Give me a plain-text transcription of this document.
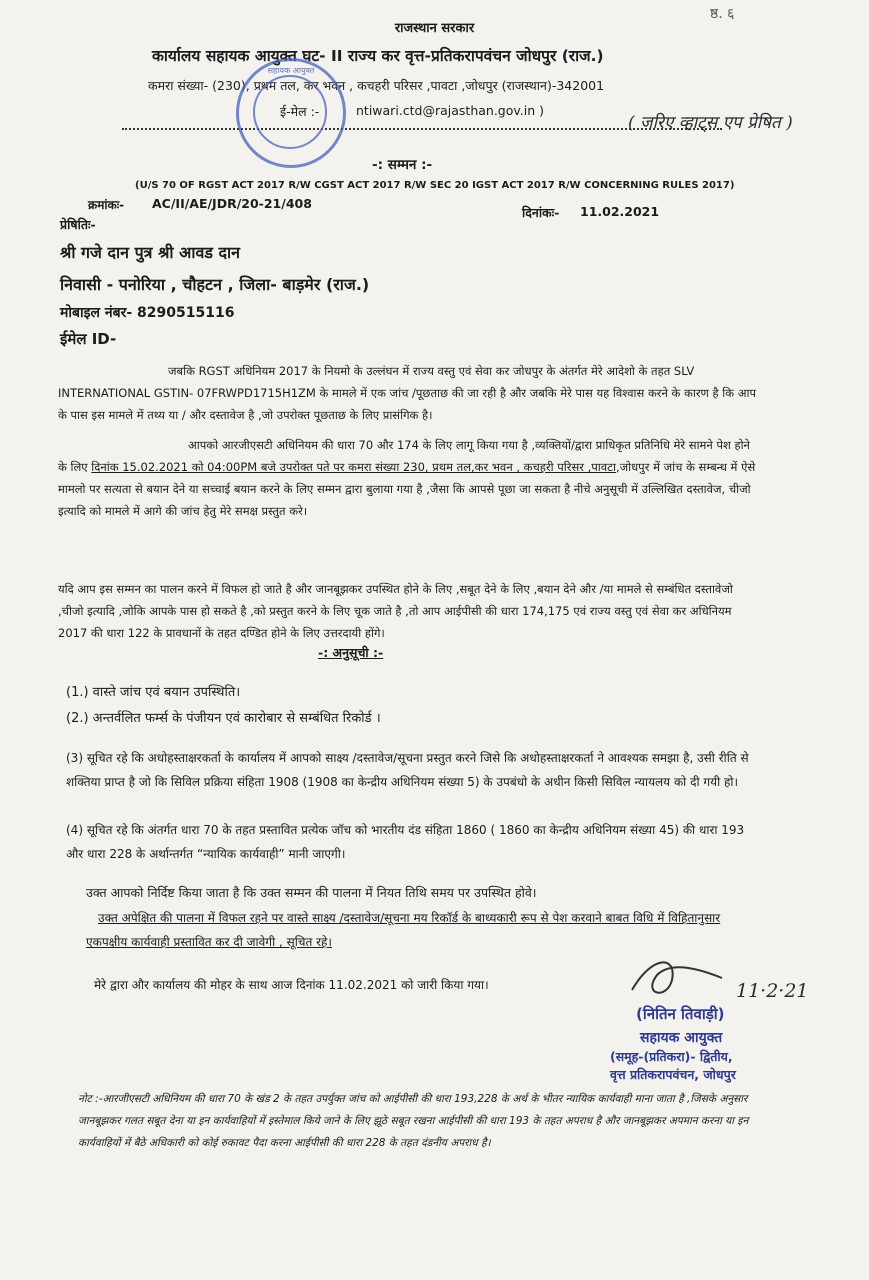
ष्ठ. ६
राजस्थान सरकार
कार्यालय सहायक आयुक्त घट- II राज्य कर वृत्त-प्रतिकरापवंचन जोधपुर (राज.)
कमरा संख्या- (230), प्रथम तल, कर भवन , कचहरी परिसर ,पावटा ,जोधपुर (राजस्थान)-342001
ई-मेल :-	ntiwari.ctd@rajasthan.gov.in )
( जरिए व्हाट्स एप प्रेषित )
सहायक आयुक्त
-: सम्मन :-
(U/S 70 OF RGST ACT 2017 R/W CGST ACT 2017 R/W SEC 20 IGST ACT 2017 R/W CONCERNING RULES 2017)
क्रमांकः- AC/II/AE/JDR/20-21/408
दिनांकः- 11.02.2021
प्रेषितिः-
श्री गजे दान पुत्र श्री आवड दान
निवासी - पनोरिया , चौहटन , जिला- बाड़मेर (राज.)
मोबाइल नंबर- 8290515116
ईमेल ID-
जबकि RGST अधिनियम 2017 के नियमो के उल्लंघन में राज्य वस्तु एवं सेवा कर जोधपुर के अंतर्गत मेरे आदेशो के तहत SLV INTERNATIONAL GSTIN- 07FRWPD1715H1ZM के मामले में एक जांच /पूछताछ की जा रही है और जबकि मेरे पास यह विश्वास करने के कारण है कि आप के पास इस मामले में तथ्य या / और दस्तावेज है ,जो उपरोक्त पूछताछ के लिए प्रासंगिक है।
आपको आरजीएसटी अधिनियम की धारा 70 और 174 के लिए लागू किया गया है ,व्यक्तियों/द्वारा प्राधिकृत प्रतिनिधि मेरे सामने पेश होने के लिए दिनांक 15.02.2021 को 04:00PM बजे उपरोक्त पते पर कमरा संख्या 230, प्रथम तल,कर भवन , कचहरी परिसर ,पावटा,जोधपुर में जांच के सम्बन्ध में ऐसे मामलो पर सत्यता से बयान देने या सच्चाई बयान करने के लिए सम्मन द्वारा बुलाया गया है ,जैसा कि आपसे पूछा जा सकता है नीचे अनुसूची में उल्लिखित दस्तावेज, चीजो इत्यादि को मामले में आगे की जांच हेतु मेरे समक्ष प्रस्तुत करे।
यदि आप इस सम्मन का पालन करने में विफल हो जाते है और जानबूझकर उपस्थित होने के लिए ,सबूत देने के लिए ,बयान देने और /या मामले से सम्बंधित दस्तावेजो ,चीजो इत्यादि ,जोकि आपके पास हो सकते है ,को प्रस्तुत करने के लिए चूक जाते है ,तो आप आईपीसी की धारा 174,175 एवं राज्य वस्तु एवं सेवा कर अधिनियम 2017 की धारा 122 के प्रावधानों के तहत दण्डित होने के लिए उत्तरदायी होंगे।
-: अनुसूची :-
(1.) वास्ते जांच एवं बयान उपस्थिति।
(2.) अन्तर्वलित फर्म्स के पंजीयन एवं कारोबार से सम्बंधित रिकोर्ड ।
(3) सूचित रहे कि अधोहस्ताक्षरकर्ता के कार्यालय में आपको साक्ष्य /दस्तावेज/सूचना प्रस्तुत करने जिसे कि अधोहस्ताक्षरकर्ता ने आवश्यक समझा है, उसी रीति से शक्तिया प्राप्त है जो कि सिविल प्रक्रिया संहिता 1908 (1908 का केन्द्रीय अधिनियम संख्या 5) के उपबंधो के अधीन किसी सिविल न्यायलय को दी गयी हो।
(4) सूचित रहे कि अंतर्गत धारा 70 के तहत प्रस्तावित प्रत्येक जॉच को भारतीय दंड संहिता 1860 ( 1860 का केन्द्रीय अधिनियम संख्या 45) की धारा 193 और धारा 228 के अर्थान्तर्गत “न्यायिक कार्यवाही” मानी जाएगी।
उक्त आपको निर्दिष्ट किया जाता है कि उक्त सम्मन की पालना में नियत तिथि समय पर उपस्थित होवे।
उक्त अपेक्षित की पालना में विफल रहने पर वास्ते साक्ष्य /दस्तावेज/सूचना मय रिकॉर्ड के बाध्यकारी रूप से पेश करवाने बाबत विधि में विहितानुसार एकपक्षीय कार्यवाही प्रस्तावित कर दी जावेगी , सूचित रहे।
मेरे द्वारा और कार्यालय की मोहर के साथ आज दिनांक 11.02.2021 को जारी किया गया।	11·2·21
(नितिन तिवाड़ी)
सहायक आयुक्त
(समूह-(प्रतिकरा)- द्वितीय,
वृत्त प्रतिकरापवंचन, जोधपुर
नोट :-आरजीएसटी अधिनियम की धारा 70 के खंड 2 के तहत उपर्युक्त जांच को आईपीसी की धारा 193,228 के अर्थ के भीतर न्यायिक कार्यवाही माना जाता है ,जिसके अनुसार जानबूझकर गलत सबूत देना या इन कार्यवाहियों में इस्तेमाल किये जाने के लिए झूठे सबूत रखना आईपीसी की धारा 193 के तहत अपराध है और जानबूझकर अपमान करना या इन कार्यवाहियों में बैठे अधिकारी को कोई रुकावट पैदा करना आईपीसी की धारा 228 के तहत दंडनीय अपराध है।
